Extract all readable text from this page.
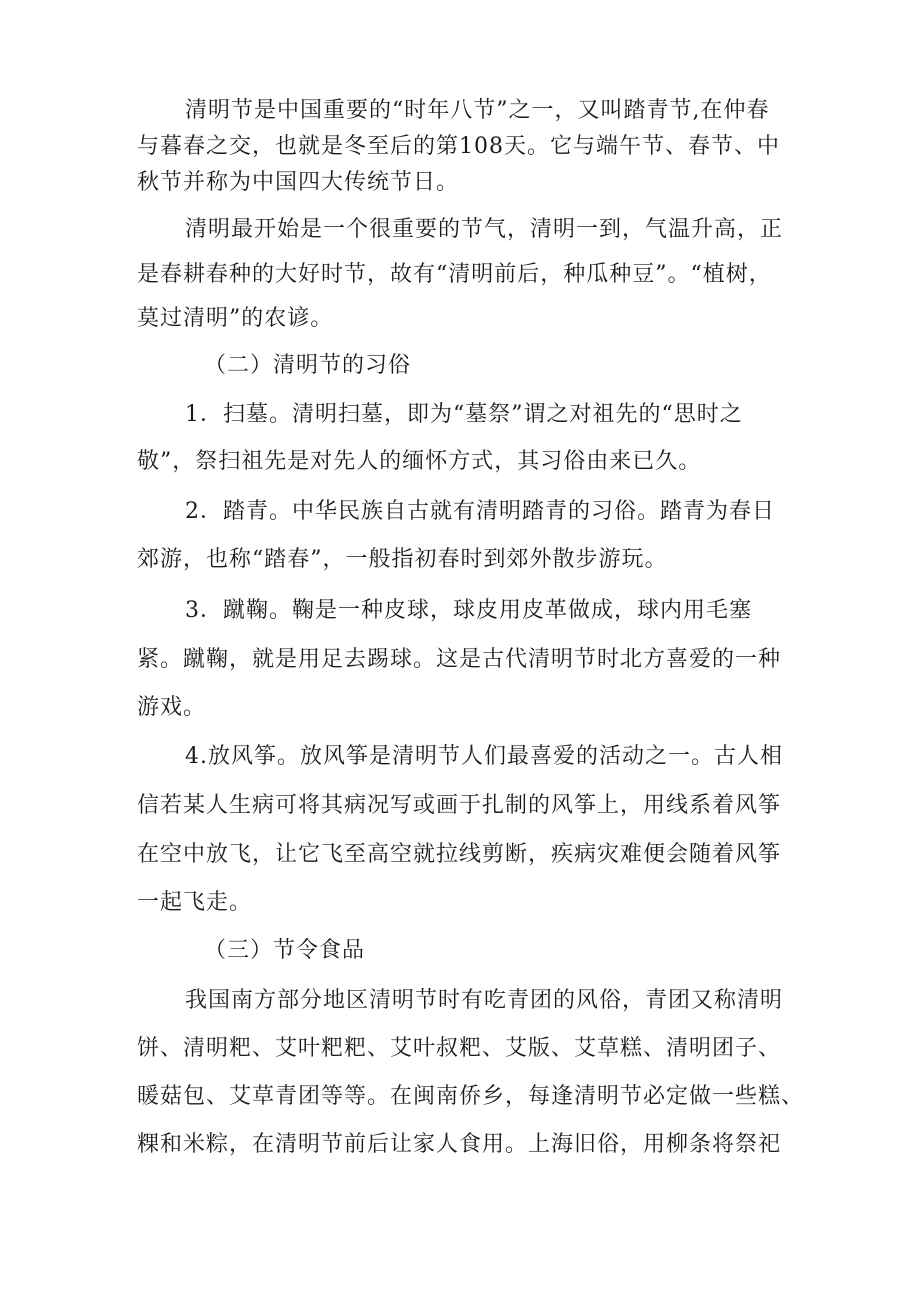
清明节是中国重要的“时年八节”之一，又叫踏青节,在仲春
与暮春之交，也就是冬至后的第108天。它与端午节、春节、中
秋节并称为中国四大传统节日。
清明最开始是一个很重要的节气，清明一到，气温升高，正
是春耕春种的大好时节，故有“清明前后，种瓜种豆”。“植树，
莫过清明”的农谚。
（二）清明节的习俗
1．扫墓。清明扫墓，即为“墓祭”谓之对祖先的“思时之
敬”，祭扫祖先是对先人的缅怀方式，其习俗由来已久。
2．踏青。中华民族自古就有清明踏青的习俗。踏青为春日
郊游，也称“踏春”，一般指初春时到郊外散步游玩。
3．蹴鞠。鞠是一种皮球，球皮用皮革做成，球内用毛塞
紧。蹴鞠，就是用足去踢球。这是古代清明节时北方喜爱的一种
游戏。
4.放风筝。放风筝是清明节人们最喜爱的活动之一。古人相
信若某人生病可将其病况写或画于扎制的风筝上，用线系着风筝
在空中放飞，让它飞至高空就拉线剪断，疾病灾难便会随着风筝
一起飞走。
（三）节令食品
我国南方部分地区清明节时有吃青团的风俗，青团又称清明
饼、清明粑、艾叶粑粑、艾叶叔粑、艾版、艾草糕、清明团子、
暖菇包、艾草青团等等。在闽南侨乡，每逢清明节必定做一些糕、
粿和米粽，在清明节前后让家人食用。上海旧俗，用柳条将祭祀
